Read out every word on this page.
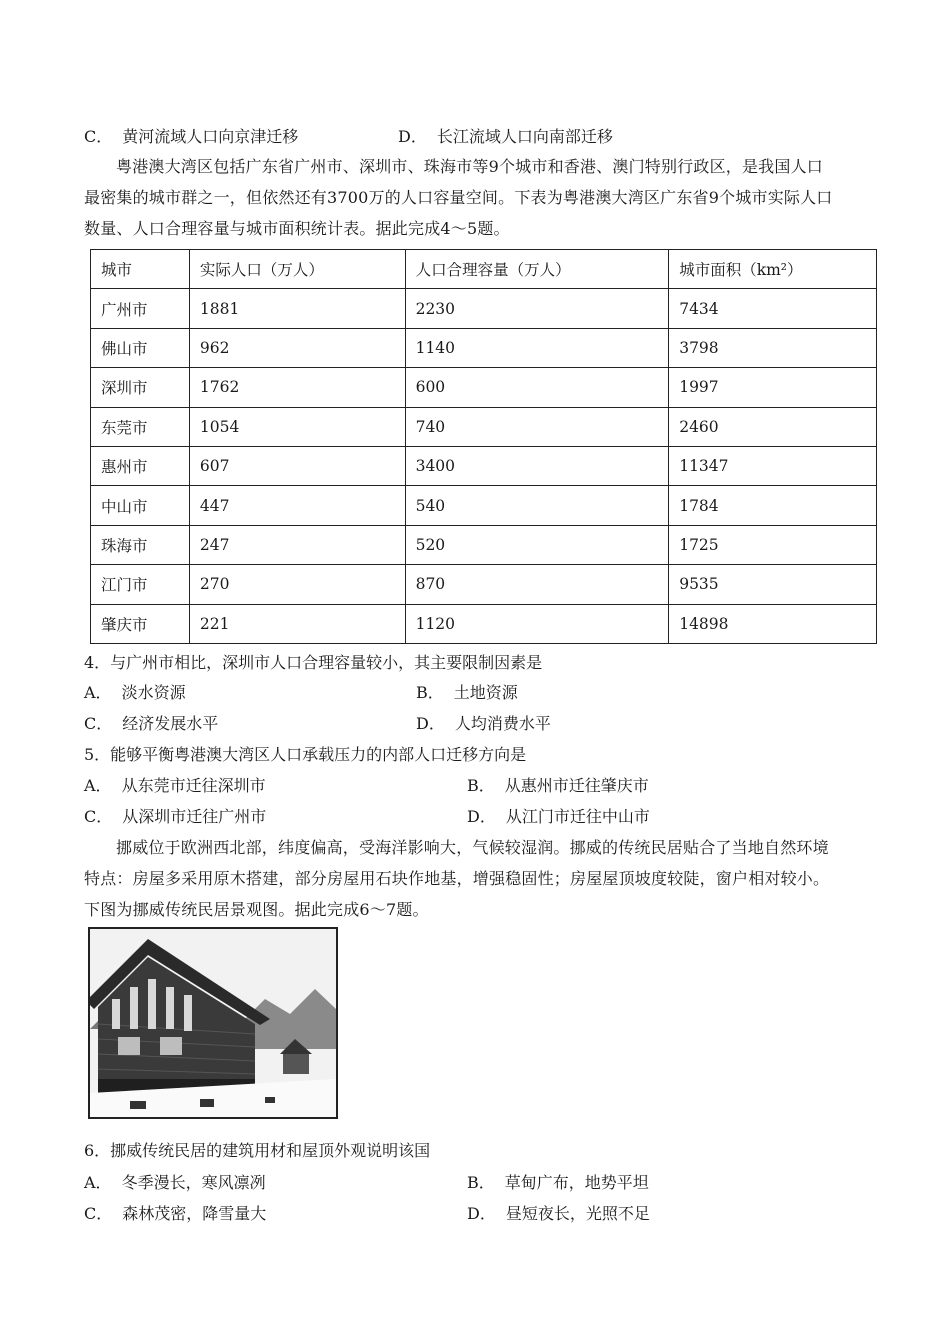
C． 黄河流域人口向京津迁移	D． 长江流域人口向南部迁移
粤港澳大湾区包括广东省广州市、深圳市、珠海市等9个城市和香港、澳门特别行政区，是我国人口
最密集的城市群之一，但依然还有3700万的人口容量空间。下表为粤港澳大湾区广东省9个城市实际人口
数量、人口合理容量与城市面积统计表。据此完成4～5题。
城市	实际人口（万人）	人口合理容量（万人）	城市面积（km²）
广州市	1881	2230	7434
佛山市	962	1140	3798
深圳市	1762	600	1997
东莞市	1054	740	2460
惠州市	607	3400	11347
中山市	447	540	1784
珠海市	247	520	1725
江门市	270	870	9535
肇庆市	221	1120	14898
4．与广州市相比，深圳市人口合理容量较小，其主要限制因素是
A． 淡水资源	B． 土地资源
C． 经济发展水平	D． 人均消费水平
5．能够平衡粤港澳大湾区人口承载压力的内部人口迁移方向是
A． 从东莞市迁往深圳市	B． 从惠州市迁往肇庆市
C． 从深圳市迁往广州市	D． 从江门市迁往中山市
挪威位于欧洲西北部，纬度偏高，受海洋影响大，气候较湿润。挪威的传统民居贴合了当地自然环境
特点：房屋多采用原木搭建，部分房屋用石块作地基，增强稳固性；房屋屋顶坡度较陡，窗户相对较小。
下图为挪威传统民居景观图。据此完成6～7题。
6．挪威传统民居的建筑用材和屋顶外观说明该国
A． 冬季漫长，寒风凛冽	B． 草甸广布，地势平坦
C． 森林茂密，降雪量大	D． 昼短夜长，光照不足
